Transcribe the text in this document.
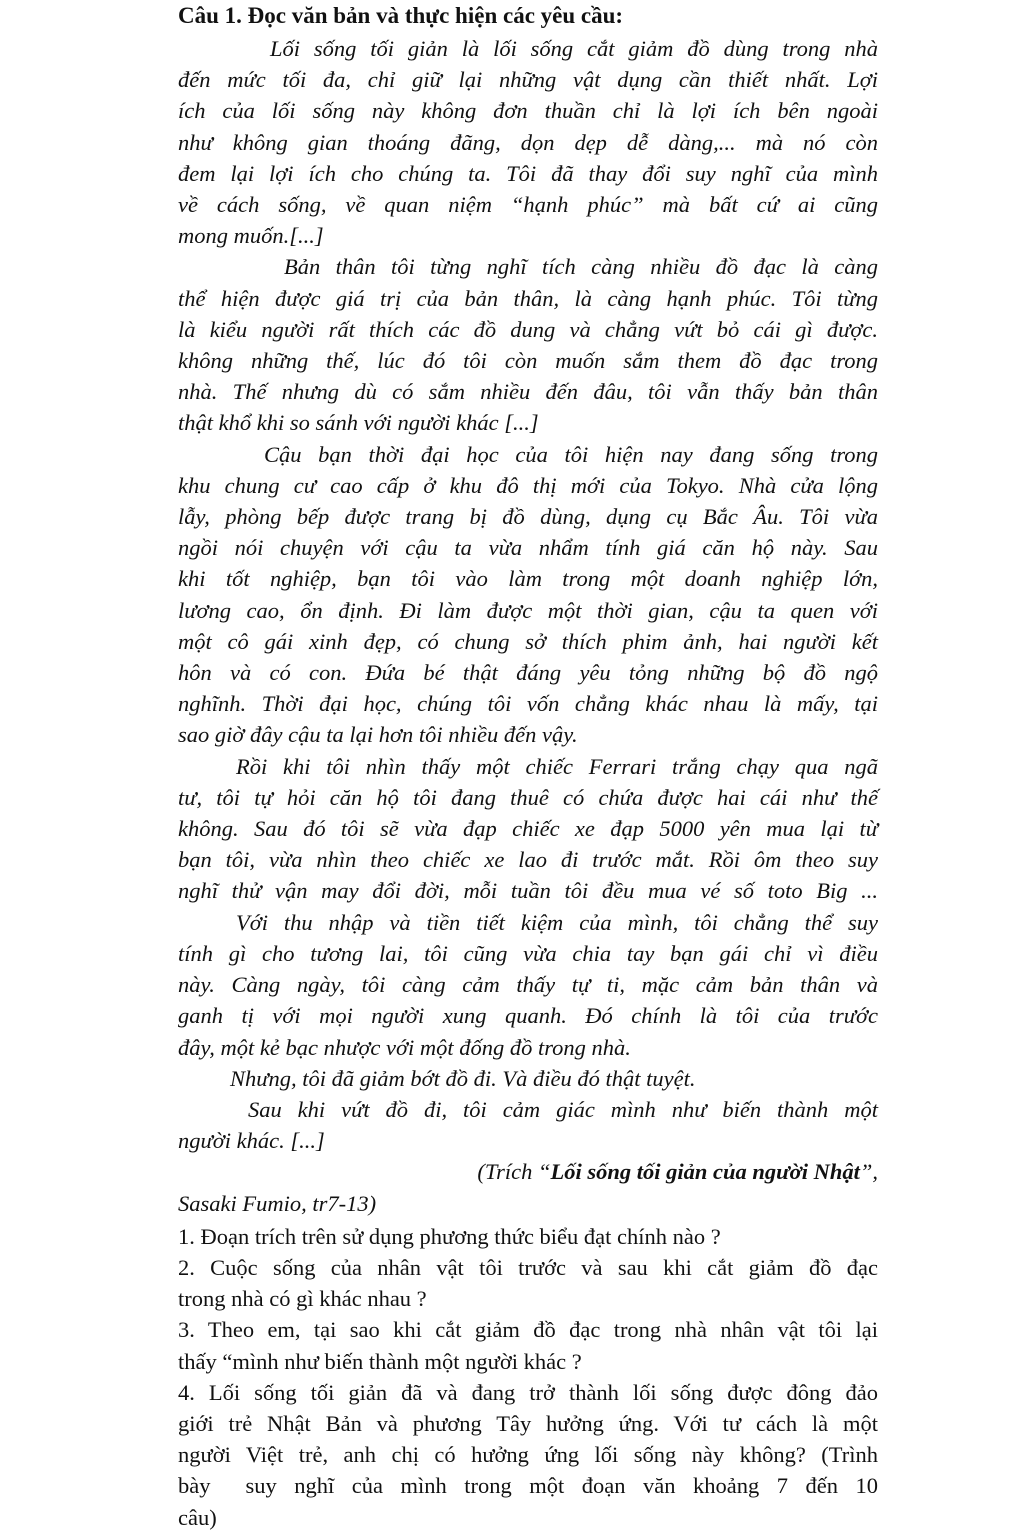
Câu 1. Đọc văn bản và thực hiện các yêu cầu:
Lối sống tối giản là lối sống cắt giảm đồ dùng trong nhà
đến mức tối đa, chỉ giữ lại những vật dụng cần thiết nhất. Lợi
ích của lối sống này không đơn thuần chỉ là lợi ích bên ngoài
như không gian thoáng đãng, dọn dẹp dễ dàng,... mà nó còn
đem lại lợi ích cho chúng ta. Tôi đã thay đổi suy nghĩ của mình
về cách sống, về quan niệm “hạnh phúc” mà bất cứ ai cũng
mong muốn.[...]
Bản thân tôi từng nghĩ tích càng nhiều đồ đạc là càng
thể hiện được giá trị của bản thân, là càng hạnh phúc. Tôi từng
là kiểu người rất thích các đồ dung và chẳng vứt bỏ cái gì được.
không những thế, lúc đó tôi còn muốn sắm them đồ đạc trong
nhà. Thế nhưng dù có sắm nhiều đến đâu, tôi vẫn thấy bản thân
thật khổ khi so sánh với người khác [...]
Cậu bạn thời đại học của tôi hiện nay đang sống trong
khu chung cư cao cấp ở khu đô thị mới của Tokyo. Nhà cửa lộng
lẫy, phòng bếp được trang bị đồ dùng, dụng cụ Bắc Âu. Tôi vừa
ngồi nói chuyện với cậu ta vừa nhẩm tính giá căn hộ này. Sau
khi tốt nghiệp, bạn tôi vào làm trong một doanh nghiệp lớn,
lương cao, ổn định. Đi làm được một thời gian, cậu ta quen với
một cô gái xinh đẹp, có chung sở thích phim ảnh, hai người kết
hôn và có con. Đứa bé thật đáng yêu tỏng những bộ đồ ngộ
nghĩnh. Thời đại học, chúng tôi vốn chẳng khác nhau là mấy, tại
sao giờ đây cậu ta lại hơn tôi nhiều đến vậy.
Rồi khi tôi nhìn thấy một chiếc Ferrari trắng chạy qua ngã
tư, tôi tự hỏi căn hộ tôi đang thuê có chứa được hai cái như thế
không. Sau đó tôi sẽ vừa đạp chiếc xe đạp 5000 yên mua lại từ
bạn tôi, vừa nhìn theo chiếc xe lao đi trước mắt. Rồi ôm theo suy
nghĩ thử vận may đổi đời, mỗi tuần tôi đều mua vé số toto Big ...
Với thu nhập và tiền tiết kiệm của mình, tôi chẳng thể suy
tính gì cho tương lai, tôi cũng vừa chia tay bạn gái chỉ vì điều
này. Càng ngày, tôi càng cảm thấy tự ti, mặc cảm bản thân và
ganh tị với mọi người xung quanh. Đó chính là tôi của trước
đây, một kẻ bạc nhược với một đống đồ trong nhà.
Nhưng, tôi đã giảm bớt đồ đi. Và điều đó thật tuyệt.
Sau khi vứt đồ đi, tôi cảm giác mình như biến thành một
người khác. [...]
(Trích “Lối sống tối giản của người Nhật”,
Sasaki Fumio, tr7-13)
1. Đoạn trích trên sử dụng phương thức biểu đạt chính nào ?
2. Cuộc sống của nhân vật tôi trước và sau khi cắt giảm đồ đạc
trong nhà có gì khác nhau ?
3. Theo em, tại sao khi cắt giảm đồ đạc trong nhà nhân vật tôi lại
thấy “mình như biến thành một người khác ?
4. Lối sống tối giản đã và đang trở thành lối sống được đông đảo
giới trẻ Nhật Bản và phương Tây hưởng ứng. Với tư cách là một
người Việt trẻ, anh chị có hưởng ứng lối sống này không? (Trình
bày  suy nghĩ của mình trong một đoạn văn khoảng 7 đến 10
câu)
